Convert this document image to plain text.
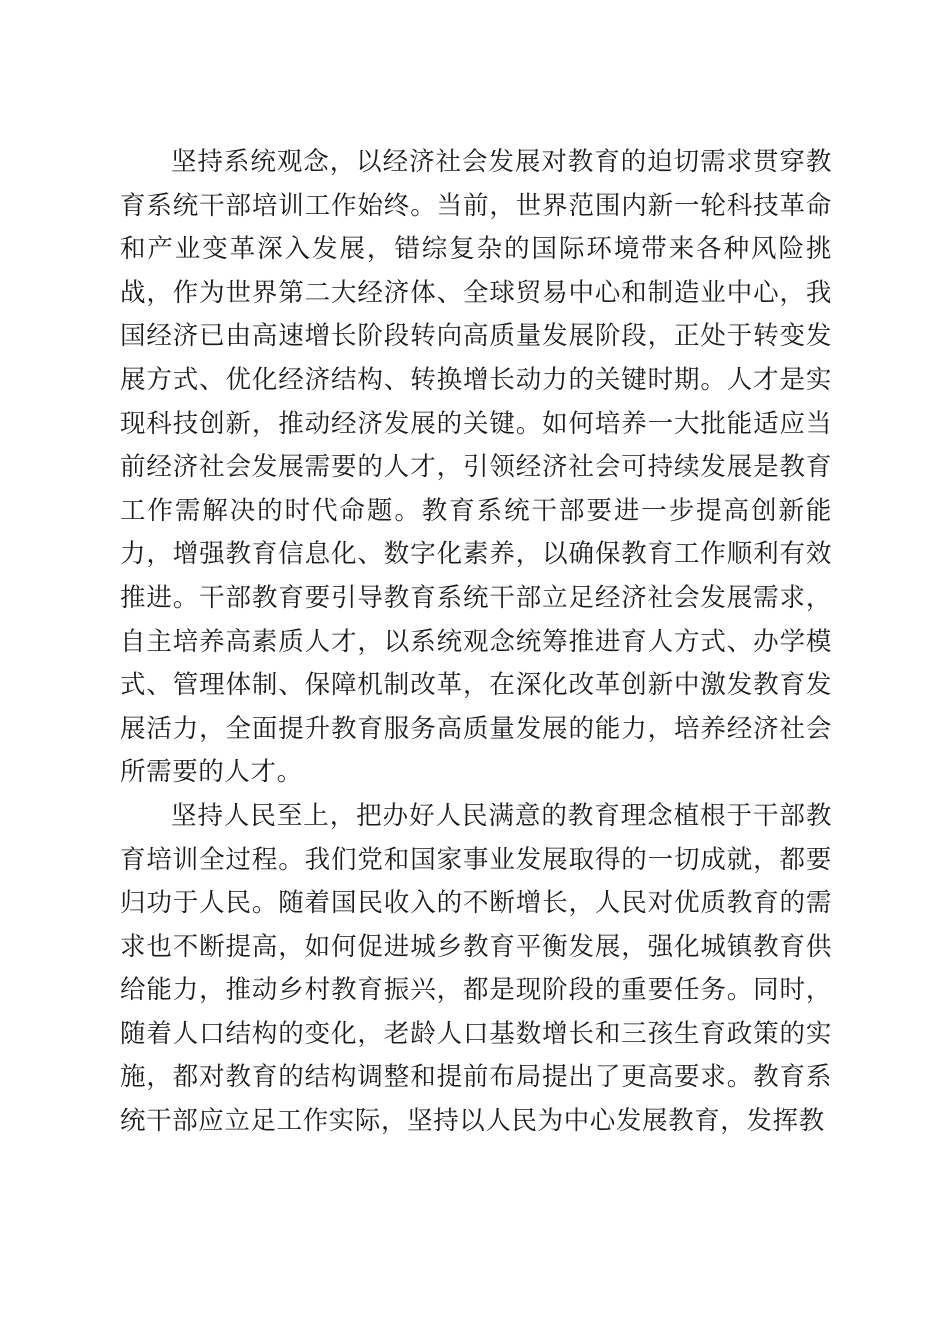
坚持系统观念，以经济社会发展对教育的迫切需求贯穿教育系统干部培训工作始终。当前，世界范围内新一轮科技革命和产业变革深入发展，错综复杂的国际环境带来各种风险挑战，作为世界第二大经济体、全球贸易中心和制造业中心，我国经济已由高速增长阶段转向高质量发展阶段，正处于转变发展方式、优化经济结构、转换增长动力的关键时期。人才是实现科技创新，推动经济发展的关键。如何培养一大批能适应当前经济社会发展需要的人才，引领经济社会可持续发展是教育工作需解决的时代命题。教育系统干部要进一步提高创新能力，增强教育信息化、数字化素养，以确保教育工作顺利有效推进。干部教育要引导教育系统干部立足经济社会发展需求，自主培养高素质人才，以系统观念统筹推进育人方式、办学模式、管理体制、保障机制改革，在深化改革创新中激发教育发展活力，全面提升教育服务高质量发展的能力，培养经济社会所需要的人才。

坚持人民至上，把办好人民满意的教育理念植根于干部教育培训全过程。我们党和国家事业发展取得的一切成就，都要归功于人民。随着国民收入的不断增长，人民对优质教育的需求也不断提高，如何促进城乡教育平衡发展，强化城镇教育供给能力，推动乡村教育振兴，都是现阶段的重要任务。同时，随着人口结构的变化，老龄人口基数增长和三孩生育政策的实施，都对教育的结构调整和提前布局提出了更高要求。教育系统干部应立足工作实际，坚持以人民为中心发展教育，发挥教
